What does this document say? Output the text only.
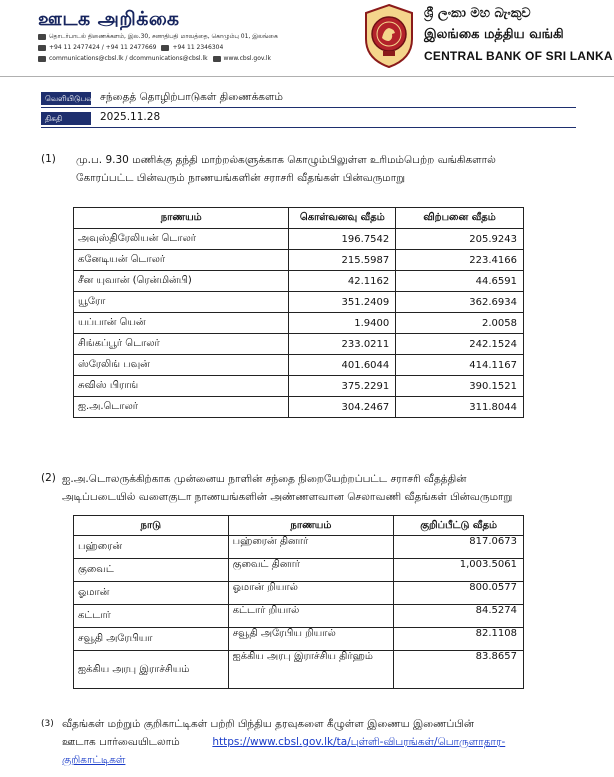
ஊடக அறிக்கை
தொடர்பாடல் திணைக்களம், இல.30, சனாதிபதி மாவத்தை, கொழும்பு 01, இலங்கை
+94 11 2477424 / +94 11 2477669	+94 11 2346304
communications@cbsl.lk / dcommunications@cbsl.lk	www.cbsl.gov.lk
ශ්‍රී ලංකා මහ බැංකුව
இலங்கை மத்திய வங்கி
CENTRAL BANK OF SRI LANKA
வெளியிடுபவர் சந்தைத் தொழிற்பாடுகள் திணைக்களம்
திகதி	2025.11.28
(1) மு.ப. 9.30 மணிக்கு தந்தி மாற்றல்களுக்காக கொழும்பிலுள்ள உரிமம்பெற்ற வங்கிகளால்
கோரப்பட்ட பின்வரும் நாணயங்களின் சராசரி வீதங்கள் பின்வருமாறு
நாணயம்	கொள்வனவு வீதம்	விற்பனை வீதம்
அவுஸ்திரேலியன் டொலர்	196.7542	205.9243
கனேடியன் டொலர்	215.5987	223.4166
சீன யுவான் (ரென்மின்பி)	42.1162	44.6591
யூரோ	351.2409	362.6934
யப்பான் யென்	1.9400	2.0058
சிங்கப்பூர் டொலர்	233.0211	242.1524
ஸ்ரேலிங் பவுன்	401.6044	414.1167
சுவிஸ் பிராங்	375.2291	390.1521
ஐ.அ.டொலர்	304.2467	311.8044
(2) ஐ.அ.டொலருக்கிற்காக முன்னைய நாளின் சந்தை நிறையேற்றப்பட்ட சராசரி வீதத்தின்
அடிப்படையில் வளைகுடா நாணயங்களின் அண்ணளவான செலாவணி வீதங்கள் பின்வருமாறு
நாடு	நாணயம்	குறிப்பீட்டு வீதம்
பஹ்ரைன்	பஹ்ரைன் தினார்	817.0673
குவைட்	குவைட் தினார்	1,003.5061
ஓமான்	ஓமான் றியால்	800.0577
கட்டார்	கட்டார் றியால்	84.5274
சவூதி அரேபியா	சவூதி அரேபிய றியால்	82.1108
ஐக்கிய அரபு இராச்சியம்	ஐக்கிய அரபு இராச்சிய திர்ஹம்	83.8657
(3) வீதங்கள் மற்றும் குறிகாட்டிகள் பற்றி பிந்திய தரவுகளை கீழுள்ள இணைய இணைப்பின்
ஊடாக பார்வையிடலாம்	https://www.cbsl.gov.lk/ta/புள்ளி-விபரங்கள்/பொருளாதார-
குறிகாட்டிகள்
